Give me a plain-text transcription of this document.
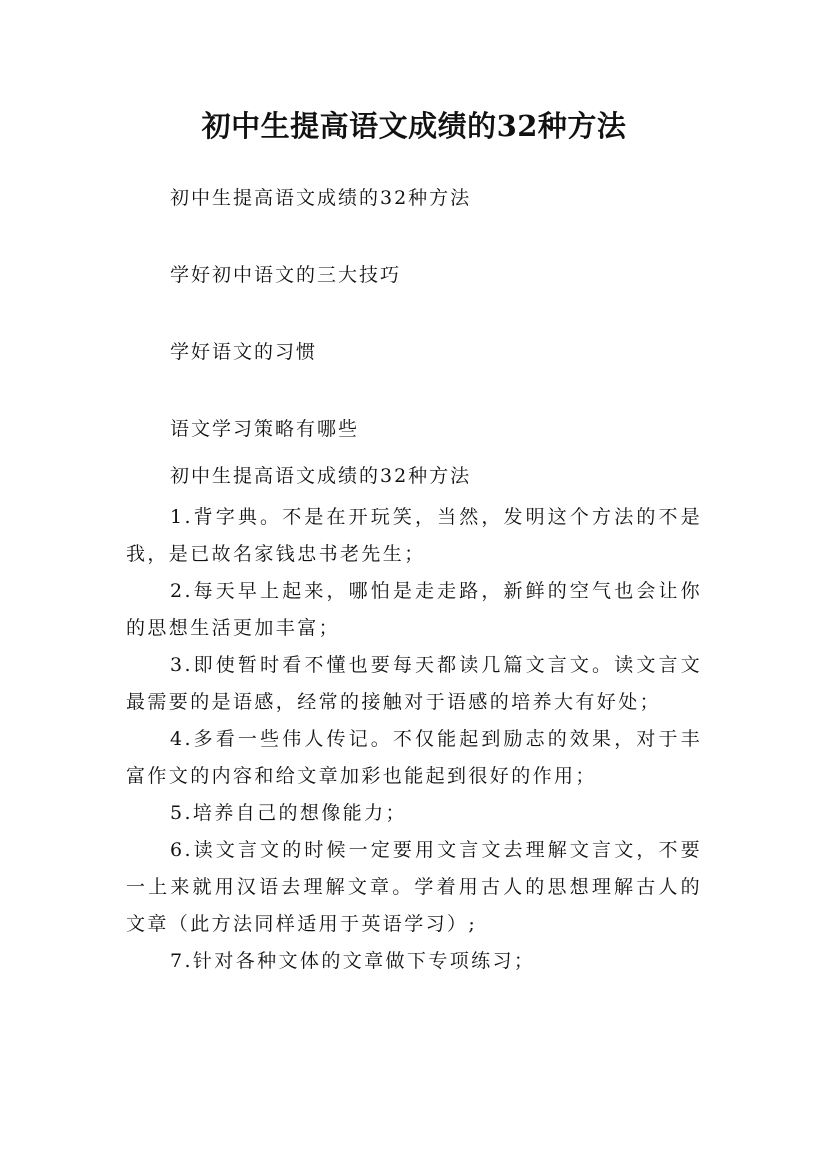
初中生提高语文成绩的32种方法
初中生提高语文成绩的32种方法
学好初中语文的三大技巧
学好语文的习惯
语文学习策略有哪些
初中生提高语文成绩的32种方法

1.背字典。不是在开玩笑，当然，发明这个方法的不是我，是已故名家钱忠书老先生；

2.每天早上起来，哪怕是走走路，新鲜的空气也会让你的思想生活更加丰富；

3.即使暂时看不懂也要每天都读几篇文言文。读文言文最需要的是语感，经常的接触对于语感的培养大有好处；

4.多看一些伟人传记。不仅能起到励志的效果，对于丰富作文的内容和给文章加彩也能起到很好的作用；

5.培养自己的想像能力；

6.读文言文的时候一定要用文言文去理解文言文，不要一上来就用汉语去理解文章。学着用古人的思想理解古人的文章（此方法同样适用于英语学习）;

7.针对各种文体的文章做下专项练习；
